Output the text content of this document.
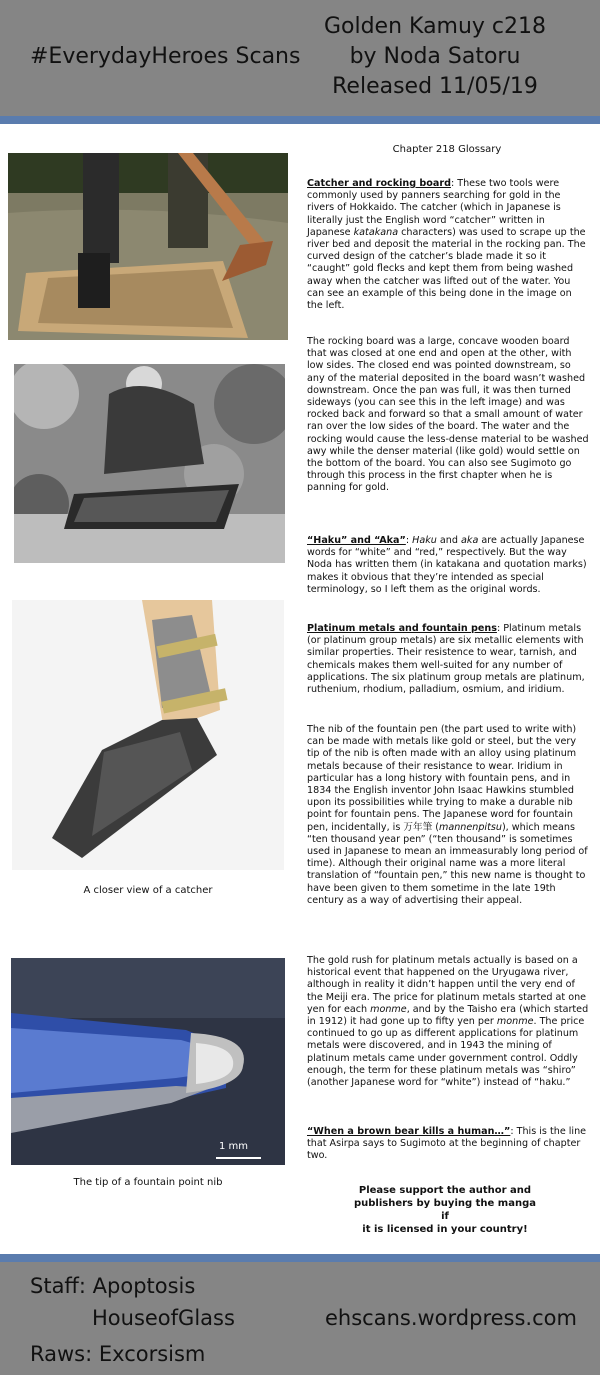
#EverydayHeroes Scans
Golden Kamuy c218
by Noda Satoru
Released 11/05/19
A closer view of a catcher
1 mm
The tip of a fountain point nib
Chapter 218 Glossary
Catcher and rocking board: These two tools were commonly used by panners searching for gold in the rivers of Hokkaido. The catcher (which in Japanese is literally just the English word “catcher” written in Japanese katakana characters) was used to scrape up the river bed and deposit the material in the rocking pan. The curved design of the catcher’s blade made it so it “caught” gold flecks and kept them from being washed away when the catcher was lifted out of the water. You can see an example of this being done in the image on the left.
The rocking board was a large, concave wooden board that was closed at one end and open at the other, with low sides. The closed end was pointed downstream, so any of the material deposited in the board wasn’t washed downstream. Once the pan was full, it was then turned sideways (you can see this in the left image) and was rocked back and forward so that a small amount of water ran over the low sides of the board. The water and the rocking would cause the less-dense material to be washed awy while the denser material (like gold) would settle on the bottom of the board. You can also see Sugimoto go through this process in the first chapter when he is panning for gold.
“Haku” and “Aka”: Haku and aka are actually Japanese words for “white” and “red,” respectively. But the way Noda has written them (in katakana and quotation marks) makes it obvious that they’re intended as special terminology, so I left them as the original words.
Platinum metals and fountain pens: Platinum metals (or platinum group metals) are six metallic elements with similar properties. Their resistence to wear, tarnish, and chemicals makes them well-suited for any number of applications. The six platinum group metals are platinum, ruthenium, rhodium, palladium, osmium, and iridium.
The nib of the fountain pen (the part used to write with) can be made with metals like gold or steel, but the very tip of the nib is often made with an alloy using platinum metals because of their resistance to wear. Iridium in particular has a long history with fountain pens, and in 1834 the English inventor John Isaac Hawkins stumbled upon its possibilities while trying to make a durable nib point for fountain pens. The Japanese word for fountain pen, incidentally, is 万年筆 (mannenpitsu), which means “ten thousand year pen” (“ten thousand” is sometimes used in Japanese to mean an immeasurably long period of time). Although their original name was a more literal translation of “fountain pen,” this new name is thought to have been given to them sometime in the late 19th century as a way of advertising their appeal.
The gold rush for platinum metals actually is based on a historical event that happened on the Uryugawa river, although in reality it didn’t happen until the very end of the Meiji era. The price for platinum metals started at one yen for each monme, and by the Taisho era (which started in 1912) it had gone up to fifty yen per monme. The price continued to go up as different applications for platinum metals were discovered, and in 1943 the mining of platinum metals came under government control. Oddly enough, the term for these platinum metals was “shiro” (another Japanese word for “white”) instead of “haku.”
“When a brown bear kills a human…”: This is the line that Asirpa says to Sugimoto at the beginning of chapter two.
Please support the author and
publishers by buying the manga if
it is licensed in your country!
Staff: Apoptosis
HouseofGlass
Raws: Excorsism
ehscans.wordpress.com
